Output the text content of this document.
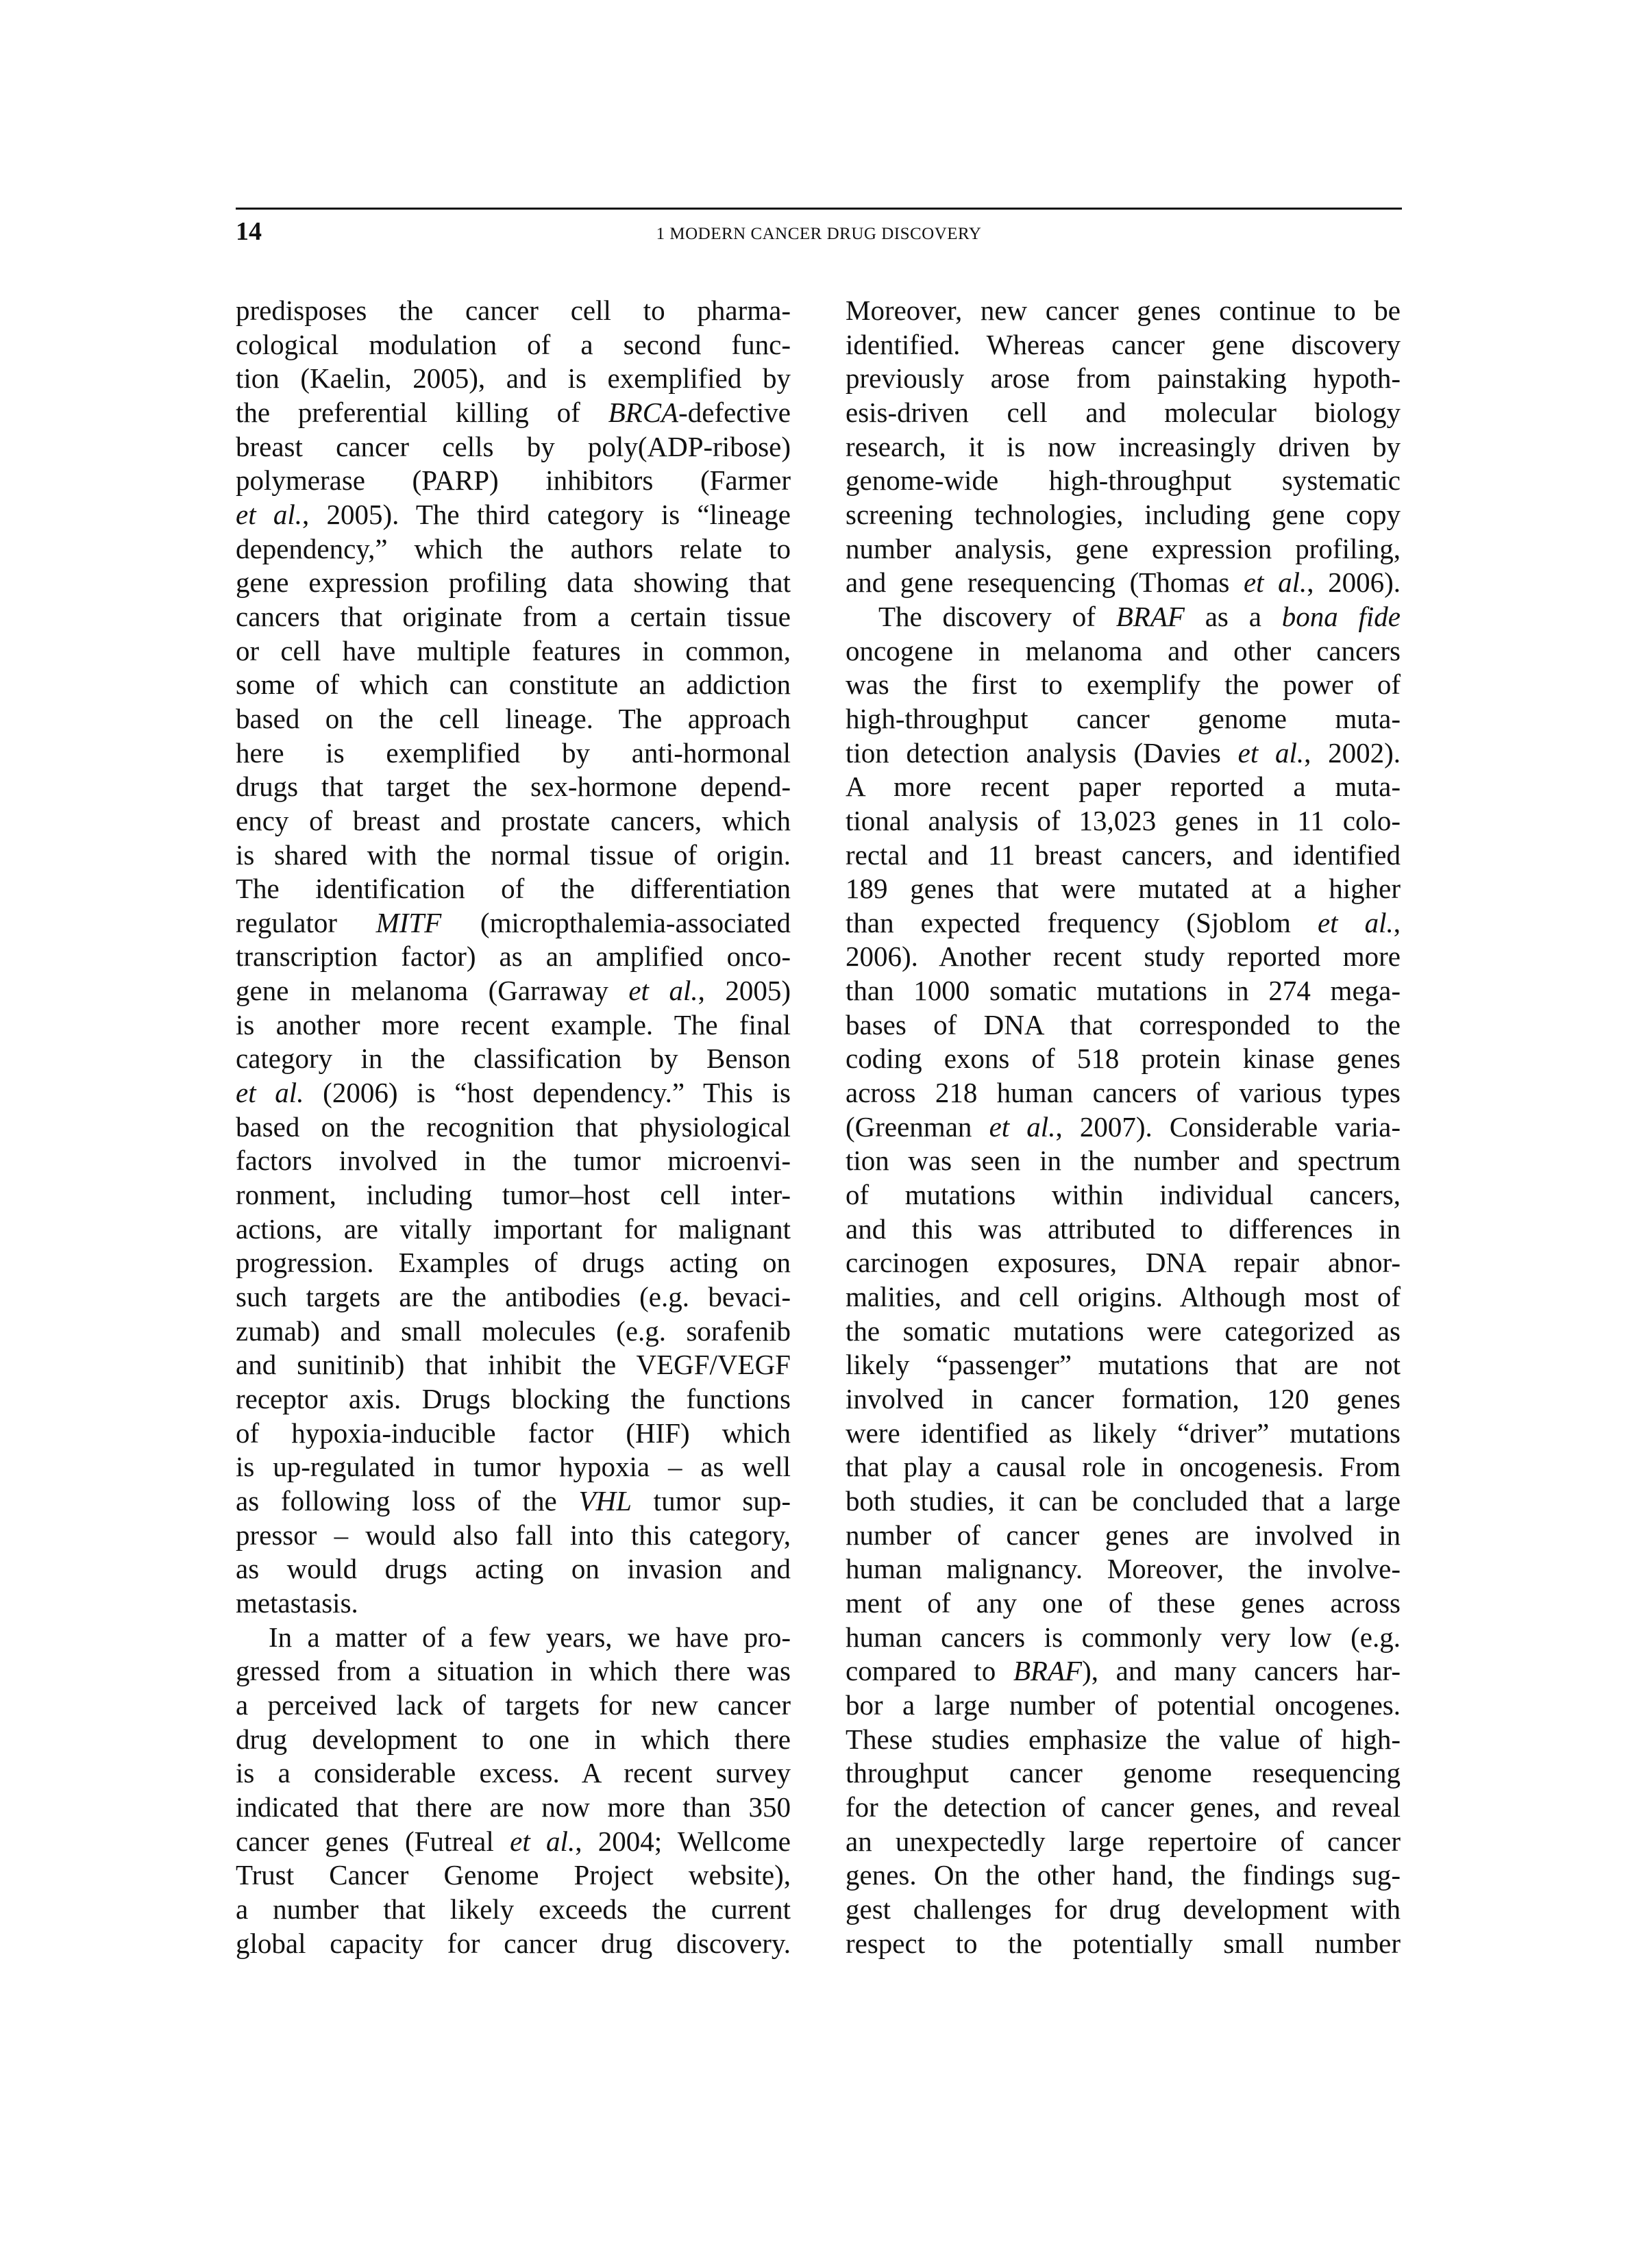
14	1 MODERN CANCER DRUG DISCOVERY
predisposes the cancer cell to pharma-
cological modulation of a second func-
tion (Kaelin, 2005), and is exemplified by
the preferential killing of BRCA-defective
breast cancer cells by poly(ADP-ribose)
polymerase (PARP) inhibitors (Farmer
et al., 2005). The third category is “lineage
dependency,” which the authors relate to
gene expression profiling data showing that
cancers that originate from a certain tissue
or cell have multiple features in common,
some of which can constitute an addiction
based on the cell lineage. The approach
here is exemplified by anti-hormonal
drugs that target the sex-hormone depend-
ency of breast and prostate cancers, which
is shared with the normal tissue of origin.
The identification of the differentiation
regulator MITF (micropthalemia-associated
transcription factor) as an amplified onco-
gene in melanoma (Garraway et al., 2005)
is another more recent example. The final
category in the classification by Benson
et al. (2006) is “host dependency.” This is
based on the recognition that physiological
factors involved in the tumor microenvi-
ronment, including tumor–host cell inter-
actions, are vitally important for malignant
progression. Examples of drugs acting on
such targets are the antibodies (e.g. bevaci-
zumab) and small molecules (e.g. sorafenib
and sunitinib) that inhibit the VEGF/VEGF
receptor axis. Drugs blocking the functions
of hypoxia-inducible factor (HIF) which
is up-regulated in tumor hypoxia – as well
as following loss of the VHL tumor sup-
pressor – would also fall into this category,
as would drugs acting on invasion and
metastasis.
In a matter of a few years, we have pro-
gressed from a situation in which there was
a perceived lack of targets for new cancer
drug development to one in which there
is a considerable excess. A recent survey
indicated that there are now more than 350
cancer genes (Futreal et al., 2004; Wellcome
Trust Cancer Genome Project website),
a number that likely exceeds the current
global capacity for cancer drug discovery.
Moreover, new cancer genes continue to be
identified. Whereas cancer gene discovery
previously arose from painstaking hypoth-
esis-driven cell and molecular biology
research, it is now increasingly driven by
genome-wide high-throughput systematic
screening technologies, including gene copy
number analysis, gene expression profiling,
and gene resequencing (Thomas et al., 2006).
The discovery of BRAF as a bona fide
oncogene in melanoma and other cancers
was the first to exemplify the power of
high-throughput cancer genome muta-
tion detection analysis (Davies et al., 2002).
A more recent paper reported a muta-
tional analysis of 13,023 genes in 11 colo-
rectal and 11 breast cancers, and identified
189 genes that were mutated at a higher
than expected frequency (Sjoblom et al.,
2006). Another recent study reported more
than 1000 somatic mutations in 274 mega-
bases of DNA that corresponded to the
coding exons of 518 protein kinase genes
across 218 human cancers of various types
(Greenman et al., 2007). Considerable varia-
tion was seen in the number and spectrum
of mutations within individual cancers,
and this was attributed to differences in
carcinogen exposures, DNA repair abnor-
malities, and cell origins. Although most of
the somatic mutations were categorized as
likely “passenger” mutations that are not
involved in cancer formation, 120 genes
were identified as likely “driver” mutations
that play a causal role in oncogenesis. From
both studies, it can be concluded that a large
number of cancer genes are involved in
human malignancy. Moreover, the involve-
ment of any one of these genes across
human cancers is commonly very low (e.g.
compared to BRAF), and many cancers har-
bor a large number of potential oncogenes.
These studies emphasize the value of high-
throughput cancer genome resequencing
for the detection of cancer genes, and reveal
an unexpectedly large repertoire of cancer
genes. On the other hand, the findings sug-
gest challenges for drug development with
respect to the potentially small number
